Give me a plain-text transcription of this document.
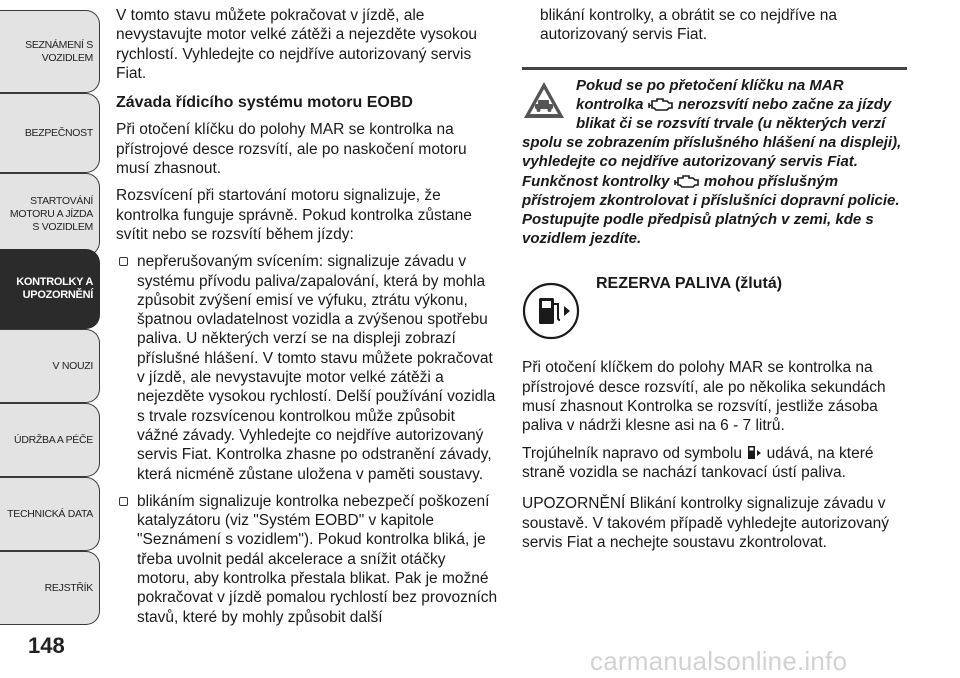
SEZNÁMENÍ S VOZIDLEM
BEZPEČNOST
STARTOVÁNÍ MOTORU A JÍZDA S VOZIDLEM
KONTROLKY A UPOZORNĚNÍ
V NOUZI
ÚDRŽBA A PÉČE
TECHNICKÁ DATA
REJSTŘÍK
148

V tomto stavu můžete pokračovat v jízdě, ale nevystavujte motor velké zátěži a nejezděte vysokou rychlostí. Vyhledejte co nejdříve autorizovaný servis Fiat.

Závada řídicího systému motoru EOBD

Při otočení klíčku do polohy MAR se kontrolka na přístrojové desce rozsvítí, ale po naskočení motoru musí zhasnout.

Rozsvícení při startování motoru signalizuje, že kontrolka funguje správně. Pokud kontrolka zůstane svítit nebo se rozsvítí během jízdy:

nepřerušovaným svícením: signalizuje závadu v systému přívodu paliva/zapalování, která by mohla způsobit zvýšení emisí ve výfuku, ztrátu výkonu, špatnou ovladatelnost vozidla a zvýšenou spotřebu paliva. U některých verzí se na displeji zobrazí příslušné hlášení. V tomto stavu můžete pokračovat v jízdě, ale nevystavujte motor velké zátěži a nejezděte vysokou rychlostí. Delší používání vozidla s trvale rozsvícenou kontrolkou může způsobit vážné závady. Vyhledejte co nejdříve autorizovaný servis Fiat. Kontrolka zhasne po odstranění závady, která nicméně zůstane uložena v paměti soustavy.
blikáním signalizuje kontrolka nebezpečí poškození katalyzátoru (viz "Systém EOBD" v kapitole "Seznámení s vozidlem"). Pokud kontrolka bliká, je třeba uvolnit pedál akcelerace a snížit otáčky motoru, aby kontrolka přestala blikat. Pak je možné pokračovat v jízdě pomalou rychlostí bez provozních stavů, které by mohly způsobit další

blikání kontrolky, a obrátit se co nejdříve na autorizovaný servis Fiat.

Pokud se po přetočení klíčku na MAR kontrolka nerozsvítí nebo začne za jízdy blikat či se rozsvítí trvale (u některých verzí spolu se zobrazením příslušného hlášení na displeji), vyhledejte co nejdříve autorizovaný servis Fiat. Funkčnost kontrolky mohou příslušným přístrojem zkontrolovat i příslušníci dopravní policie. Postupujte podle předpisů platných v zemi, kde s vozidlem jezdíte.
REZERVA PALIVA (žlutá)

Při otočení klíčkem do polohy MAR se kontrolka na přístrojové desce rozsvítí, ale po několika sekundách musí zhasnout Kontrolka se rozsvítí, jestliže zásoba paliva v nádrži klesne asi na 6 - 7 litrů.

Trojúhelník napravo od symbolu udává, na které straně vozidla se nachází tankovací ústí paliva.

UPOZORNĚNÍ Blikání kontrolky signalizuje závadu v soustavě. V takovém případě vyhledejte autorizovaný servis Fiat a nechejte soustavu zkontrolovat.

carmanualsonline.info
